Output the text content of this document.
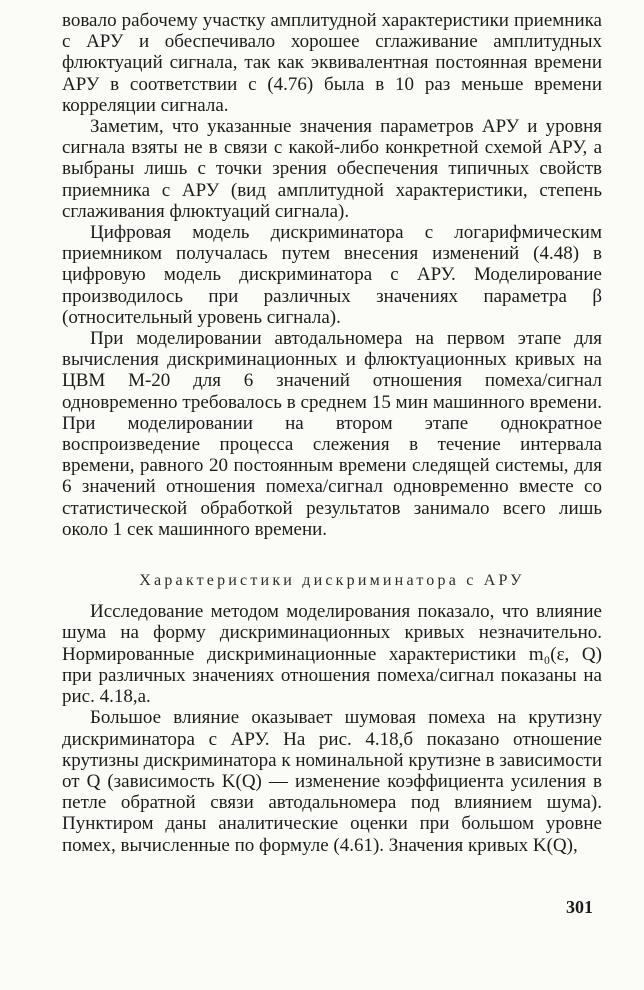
вовало рабочему участку амплитудной характеристики приемника с АРУ и обеспечивало хорошее сглаживание амплитудных флюктуаций сигнала, так как эквивалентная постоянная времени АРУ в соответствии с (4.76) была в 10 раз меньше времени корреляции сигнала.

Заметим, что указанные значения параметров АРУ и уровня сигнала взяты не в связи с какой-либо конкретной схемой АРУ, а выбраны лишь с точки зрения обеспечения типичных свойств приемника с АРУ (вид амплитудной характеристики, степень сглаживания флюктуаций сигнала).

Цифровая модель дискриминатора с логарифмическим приемником получалась путем внесения изменений (4.48) в цифровую модель дискриминатора с АРУ. Моделирование производилось при различных значениях параметра β (относительный уровень сигнала).

При моделировании автодальномера на первом этапе для вычисления дискриминационных и флюктуационных кривых на ЦВМ М-20 для 6 значений отношения помеха/сигнал одновременно требовалось в среднем 15 мин машинного времени. При моделировании на втором этапе однократное воспроизведение процесса слежения в течение интервала времени, равного 20 постоянным времени следящей системы, для 6 значений отношения помеха/сигнал одновременно вместе со статистической обработкой результатов занимало всего лишь около 1 сек машинного времени.

Характеристики дискриминатора с АРУ

Исследование методом моделирования показало, что влияние шума на форму дискриминационных кривых незначительно. Нормированные дискриминационные характеристики m₀(ε, Q) при различных значениях отношения помеха/сигнал показаны на рис. 4.18,а.

Большое влияние оказывает шумовая помеха на крутизну дискриминатора с АРУ. На рис. 4.18,б показано отношение крутизны дискриминатора к номинальной крутизне в зависимости от Q (зависимость K(Q) — изменение коэффициента усиления в петле обратной связи автодальномера под влиянием шума). Пунктиром даны аналитические оценки при большом уровне помех, вычисленные по формуле (4.61). Значения кривых K(Q),

301
